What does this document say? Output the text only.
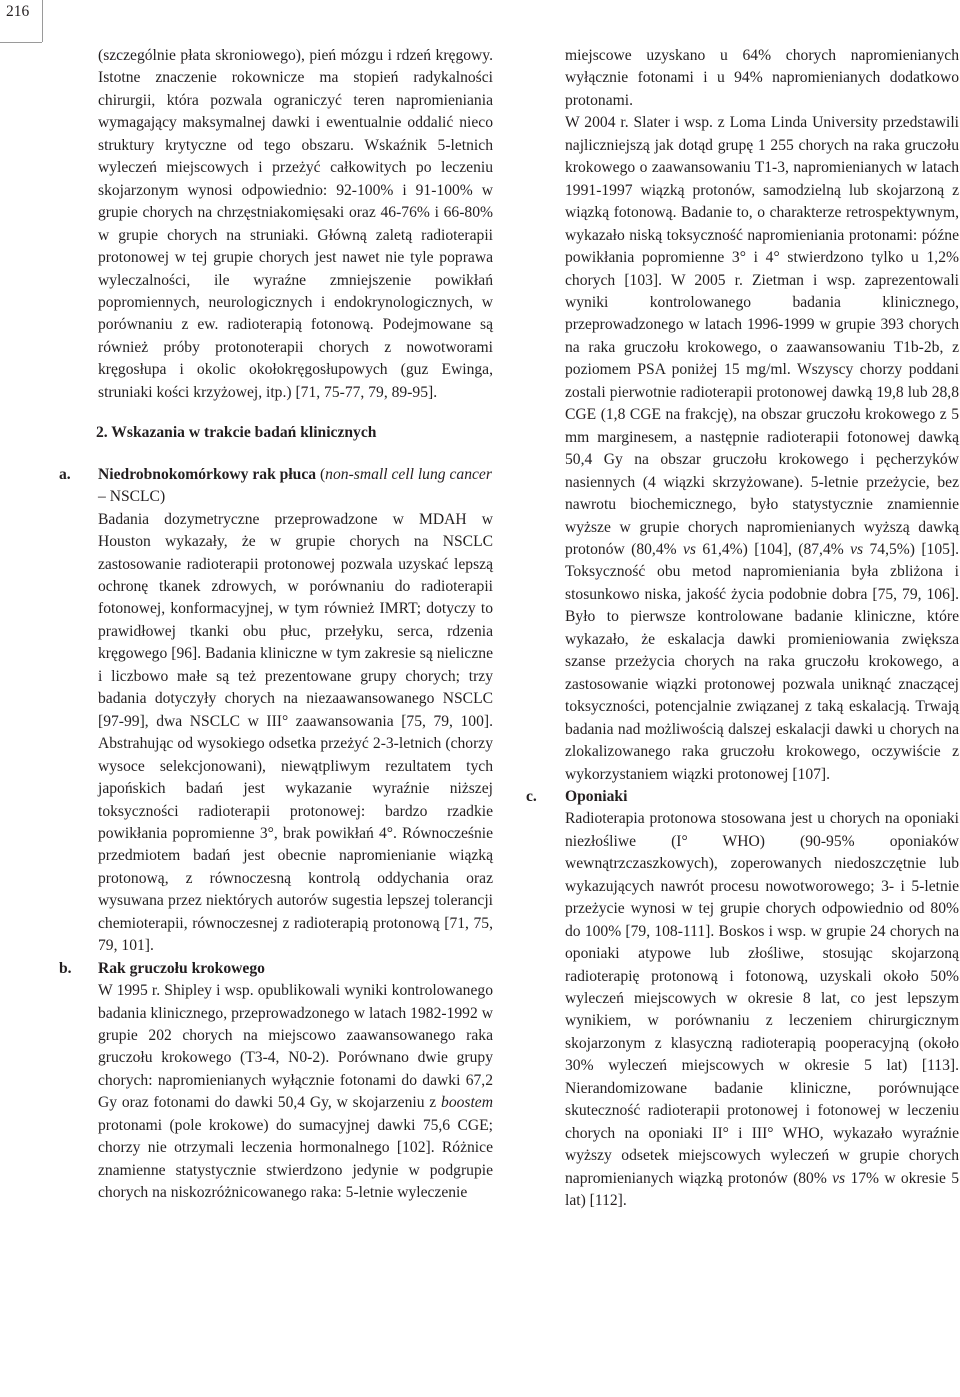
216

(szczególnie płata skroniowego), pień mózgu i rdzeń kręgowy. Istotne znaczenie rokownicze ma stopień radykalności chirurgii, która pozwala ograniczyć teren napromieniania wymagający maksymalnej dawki i ewentualnie oddalić nieco struktury krytyczne od tego obszaru. Wskaźnik 5-letnich wyleczeń miejscowych i przeżyć całkowitych po leczeniu skojarzonym wynosi odpowiednio: 92-100% i 91-100% w grupie chorych na chrzęstniakomięsaki oraz 46-76% i 66-80% w grupie chorych na struniaki. Główną zaletą radioterapii protonowej w tej grupie chorych jest nawet nie tyle poprawa wyleczalności, ile wyraźne zmniejszenie powikłań popromiennych, neurologicznych i endokrynologicznych, w porównaniu z ew. radioterapią fotonową. Podejmowane są również próby protonoterapii chorych z nowotworami kręgosłupa i okolic okołokręgosłupowych (guz Ewinga, struniaki kości krzyżowej, itp.) [71, 75-77, 79, 89-95].

2. Wskazania w trakcie badań klinicznych

a. Niedrobnokomórkowy rak płuca (non-small cell lung cancer – NSCLC)

Badania dozymetryczne przeprowadzone w MDAH w Houston wykazały, że w grupie chorych na NSCLC zastosowanie radioterapii protonowej pozwala uzyskać lepszą ochronę tkanek zdrowych, w porównaniu do radioterapii fotonowej, konformacyjnej, w tym również IMRT; dotyczy to prawidłowej tkanki obu płuc, przełyku, serca, rdzenia kręgowego [96]. Badania kliniczne w tym zakresie są nieliczne i liczbowo małe są też prezentowane grupy chorych; trzy badania dotyczyły chorych na niezaawansowanego NSCLC [97-99], dwa NSCLC w III° zaawansowania [75, 79, 100]. Abstrahując od wysokiego odsetka przeżyć 2-3-letnich (chorzy wysoce selekcjonowani), niewątpliwym rezultatem tych japońskich badań jest wykazanie wyraźnie niższej toksyczności radioterapii protonowej: bardzo rzadkie powikłania popromienne 3°, brak powikłań 4°. Równocześnie przedmiotem badań jest obecnie napromienianie wiązką protonową, z równoczesną kontrolą oddychania oraz wysuwana przez niektórych autorów sugestia lepszej tolerancji chemioterapii, równoczesnej z radioterapią protonową [71, 75, 79, 101].

b. Rak gruczołu krokowego

W 1995 r. Shipley i wsp. opublikowali wyniki kontrolowanego badania klinicznego, przeprowadzonego w latach 1982-1992 w grupie 202 chorych na miejscowo zaawansowanego raka gruczołu krokowego (T3-4, N0-2). Porównano dwie grupy chorych: napromienianych wyłącznie fotonami do dawki 67,2 Gy oraz fotonami do dawki 50,4 Gy, w skojarzeniu z boostem protonami (pole krokowe) do sumacyjnej dawki 75,6 CGE; chorzy nie otrzymali leczenia hormonalnego [102]. Różnice znamienne statystycznie stwierdzono jedynie w podgrupie chorych na niskozróżnicowanego raka: 5-letnie wyleczenie

miejscowe uzyskano u 64% chorych napromienianych wyłącznie fotonami i u 94% napromienianych dodatkowo protonami.

W 2004 r. Slater i wsp. z Loma Linda University przedstawili najliczniejszą jak dotąd grupę 1 255 chorych na raka gruczołu krokowego o zaawansowaniu T1-3, napromienianych w latach 1991-1997 wiązką protonów, samodzielną lub skojarzoną z wiązką fotonową. Badanie to, o charakterze retrospektywnym, wykazało niską toksyczność napromieniania protonami: późne powikłania popromienne 3° i 4° stwierdzono tylko u 1,2% chorych [103]. W 2005 r. Zietman i wsp. zaprezentowali wyniki kontrolowanego badania klinicznego, przeprowadzonego w latach 1996-1999 w grupie 393 chorych na raka gruczołu krokowego, o zaawansowaniu T1b-2b, z poziomem PSA poniżej 15 mg/ml. Wszyscy chorzy poddani zostali pierwotnie radioterapii protonowej dawką 19,8 lub 28,8 CGE (1,8 CGE na frakcję), na obszar gruczołu krokowego z 5 mm marginesem, a następnie radioterapii fotonowej dawką 50,4 Gy na obszar gruczołu krokowego i pęcherzyków nasiennych (4 wiązki skrzyżowane). 5-letnie przeżycie, bez nawrotu biochemicznego, było statystycznie znamiennie wyższe w grupie chorych napromienianych wyższą dawką protonów (80,4% vs 61,4%) [104], (87,4% vs 74,5%) [105]. Toksyczność obu metod napromieniania była zbliżona i stosunkowo niska, jakość życia podobnie dobra [75, 79, 106]. Było to pierwsze kontrolowane badanie kliniczne, które wykazało, że eskalacja dawki promieniowania zwiększa szanse przeżycia chorych na raka gruczołu krokowego, a zastosowanie wiązki protonowej pozwala uniknąć znaczącej toksyczności, potencjalnie związanej z taką eskalacją. Trwają badania nad możliwością dalszej eskalacji dawki u chorych na zlokalizowanego raka gruczołu krokowego, oczywiście z wykorzystaniem wiązki protonowej [107].

c. Oponiaki

Radioterapia protonowa stosowana jest u chorych na oponiaki niezłośliwe (I° WHO) (90-95% oponiaków wewnątrzczaszkowych), zoperowanych niedoszczętnie lub wykazujących nawrót procesu nowotworowego; 3- i 5-letnie przeżycie wynosi w tej grupie chorych odpowiednio od 80% do 100% [79, 108-111]. Boskos i wsp. w grupie 24 chorych na oponiaki atypowe lub złośliwe, stosując skojarzoną radioterapię protonową i fotonową, uzyskali około 50% wyleczeń miejscowych w okresie 8 lat, co jest lepszym wynikiem, w porównaniu z leczeniem chirurgicznym skojarzonym z klasyczną radioterapią pooperacyjną (około 30% wyleczeń miejscowych w okresie 5 lat) [113]. Nierandomizowane badanie kliniczne, porównujące skuteczność radioterapii protonowej i fotonowej w leczeniu chorych na oponiaki II° i III° WHO, wykazało wyraźnie wyższy odsetek miejscowych wyleczeń w grupie chorych napromienianych wiązką protonów (80% vs 17% w okresie 5 lat) [112].
